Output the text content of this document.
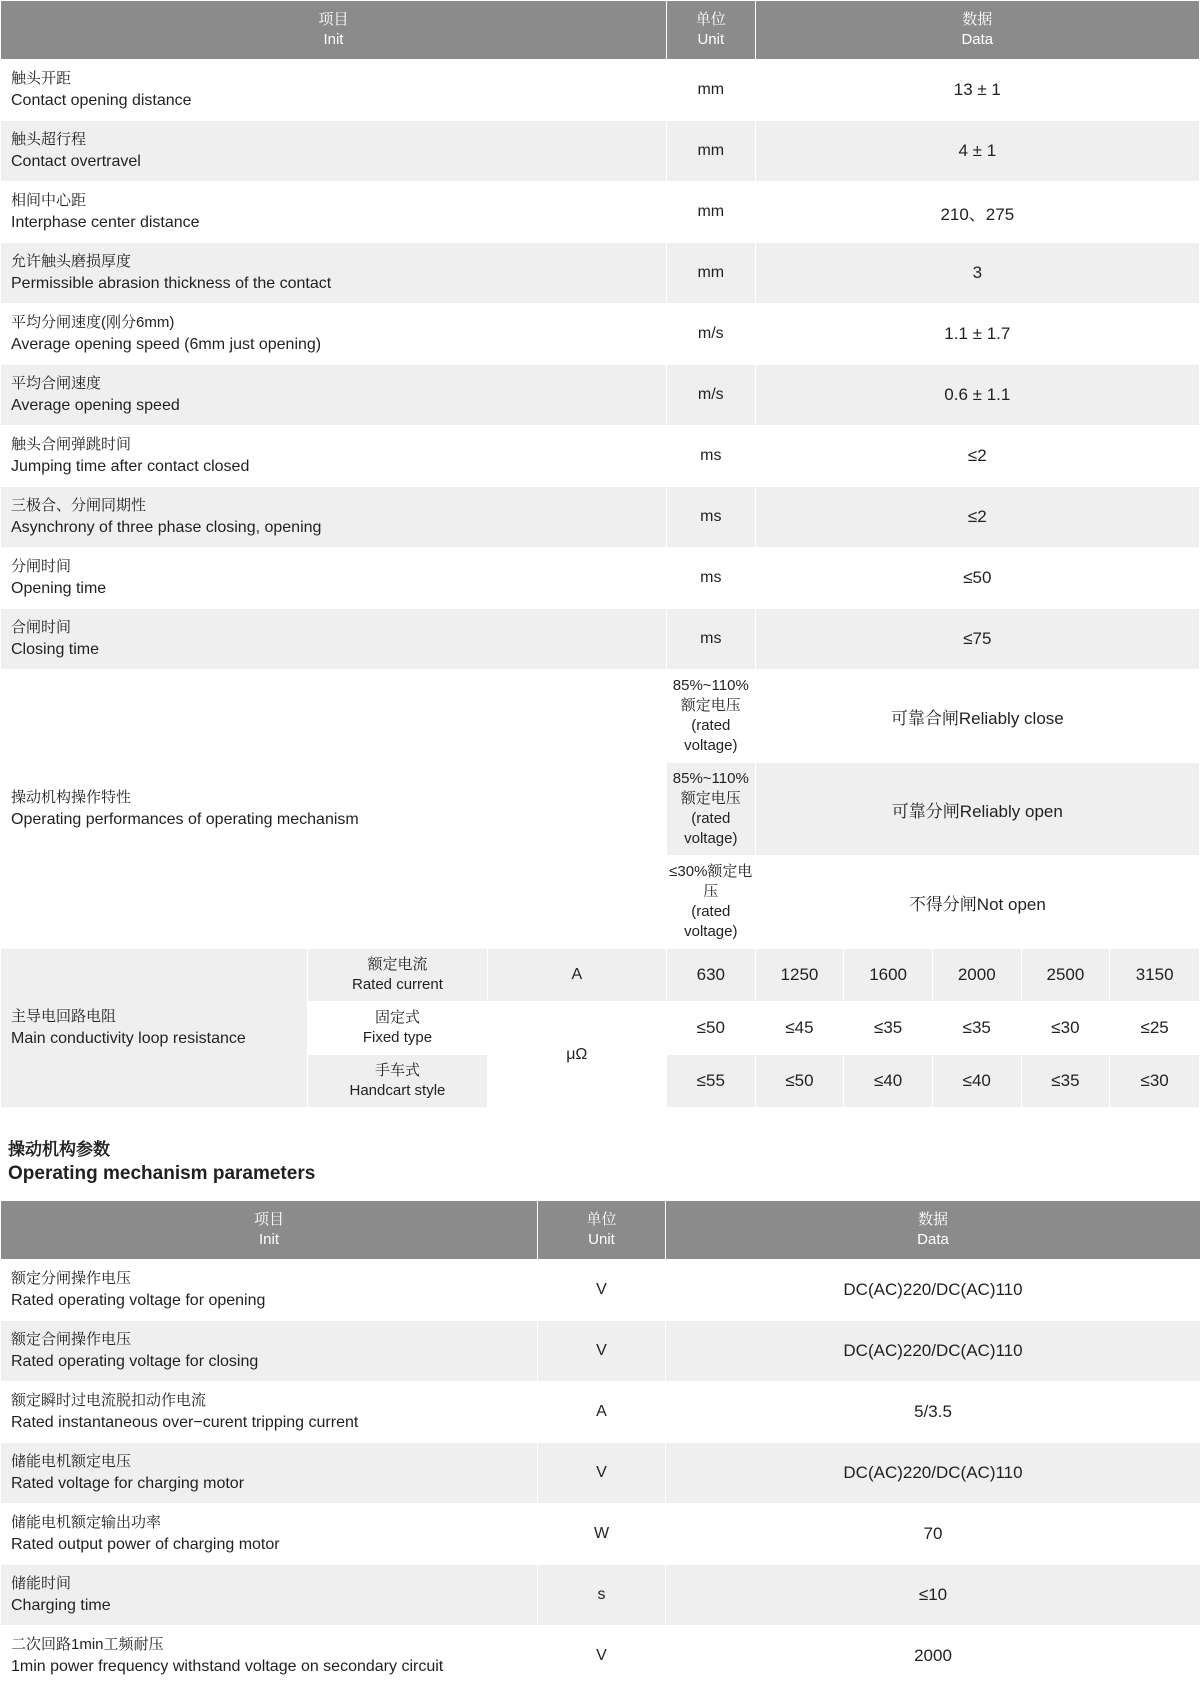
项目
Init			单位
Unit	数据
Data				

触头开距
Contact opening distance			mm	13 ± 1				

触头超行程
Contact overtravel			mm	4 ± 1				

相间中心距
Interphase center distance			mm	210、275				

允许触头磨损厚度
Permissible abrasion thickness of the contact			mm	3				

平均分闸速度(刚分6mm)
Average opening speed (6mm just opening)			m/s	1.1 ± 1.7				

平均合闸速度
Average opening speed			m/s	0.6 ± 1.1				

触头合闸弹跳时间
Jumping time after contact closed			ms	≤2				

三极合、分闸同期性
Asynchrony of three phase closing, opening			ms	≤2				

分闸时间
Opening time			ms	≤50				

合闸时间
Closing time			ms	≤75				

操动机构操作特性
Operating performances of operating mechanism			85%~110%额定电压
(rated voltage)	可靠合闸Reliably close				

			85%~110%额定电压
(rated voltage)	可靠分闸Reliably open				

			≤30%额定电压
(rated voltage)	不得分闸Not open				

主导电回路电阻
Main conductivity loop resistance	额定电流
Rated current	A	630	1250	1600	2000	2500	3150

	固定式
Fixed type	μΩ	≤50	≤45	≤35	≤35	≤30	≤25

	手车式
Handcart style		≤55	≤50	≤40	≤40	≤35	≤30
操动机构参数
Operating mechanism parameters
项目
Init	单位
Unit	数据
Data

额定分闸操作电压
Rated operating voltage for opening	V	DC(AC)220/DC(AC)110

额定合闸操作电压
Rated operating voltage for closing	V	DC(AC)220/DC(AC)110

额定瞬时过电流脱扣动作电流
Rated instantaneous over−curent tripping current	A	5/3.5

储能电机额定电压
Rated voltage for charging motor	V	DC(AC)220/DC(AC)110

储能电机额定输出功率
Rated output power of charging motor	W	70

储能时间
Charging time	s	≤10

二次回路1min工频耐压
1min power frequency withstand voltage on secondary circuit	V	2000
